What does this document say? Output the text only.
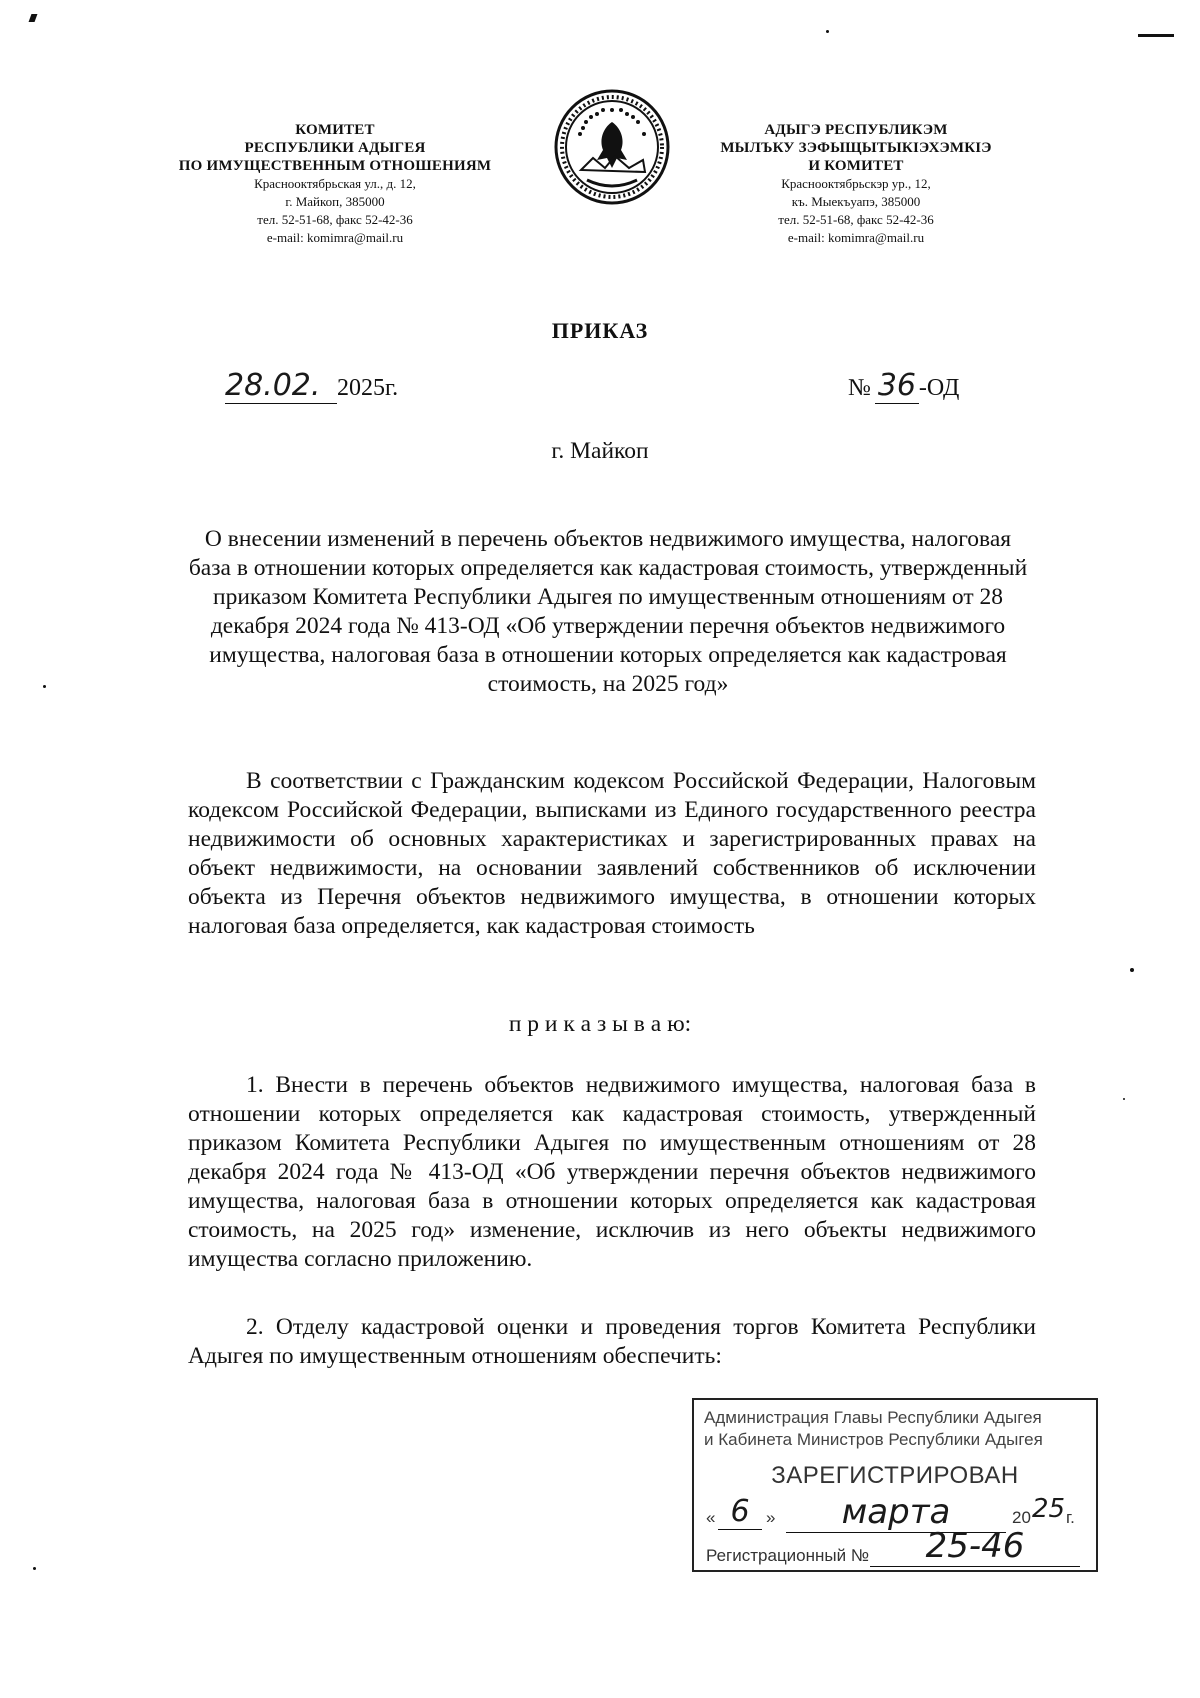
КОМИТЕТ
РЕСПУБЛИКИ АДЫГЕЯ
ПО ИМУЩЕСТВЕННЫМ ОТНОШЕНИЯМ
Краснооктябрьская ул., д. 12,
г. Майкоп, 385000
тел. 52-51-68, факс 52-42-36
e-mail: komimra@mail.ru
АДЫГЭ РЕСПУБЛИКЭМ
МЫЛЪКУ ЗЭФЫЩЫТЫКIЭХЭМКIЭ
И КОМИТЕТ
Краснооктябрьскэр ур., 12,
къ. Мыекъуапэ, 385000
тел. 52-51-68, факс 52-42-36
e-mail: komimra@mail.ru
ПРИКАЗ
28.02. 2025г.	№ 36 -ОД
г. Майкоп
О внесении изменений в перечень объектов недвижимого имущества, налоговая база в отношении которых определяется как кадастровая стоимость, утвержденный приказом Комитета Республики Адыгея по имущественным отношениям от 28 декабря 2024 года № 413-ОД «Об утверждении перечня объектов недвижимого имущества, налоговая база в отношении которых определяется как кадастровая стоимость, на 2025 год»

В соответствии с Гражданским кодексом Российской Федерации, Налоговым кодексом Российской Федерации, выписками из Единого государственного реестра недвижимости об основных характеристиках и зарегистрированных правах на объект недвижимости, на основании заявлений собственников об исключении объекта из Перечня объектов недвижимого имущества, в отношении которых налоговая база определяется, как кадастровая стоимость

п р и к а з ы в а ю:

1. Внести в перечень объектов недвижимого имущества, налоговая база в отношении которых определяется как кадастровая стоимость, утвержденный приказом Комитета Республики Адыгея по имущественным отношениям от 28 декабря 2024 года № 413-ОД «Об утверждении перечня объектов недвижимого имущества, налоговая база в отношении которых определяется как кадастровая стоимость, на 2025 год» изменение, исключив из него объекты недвижимого имущества согласно приложению.

2. Отделу кадастровой оценки и проведения торгов Комитета Республики Адыгея по имущественным отношениям обеспечить:

Администрация Главы Республики Адыгея
и Кабинета Министров Республики Адыгея
ЗАРЕГИСТРИРОВАН
« 6 »	марта	20 25 г.
Регистрационный №	25-46
